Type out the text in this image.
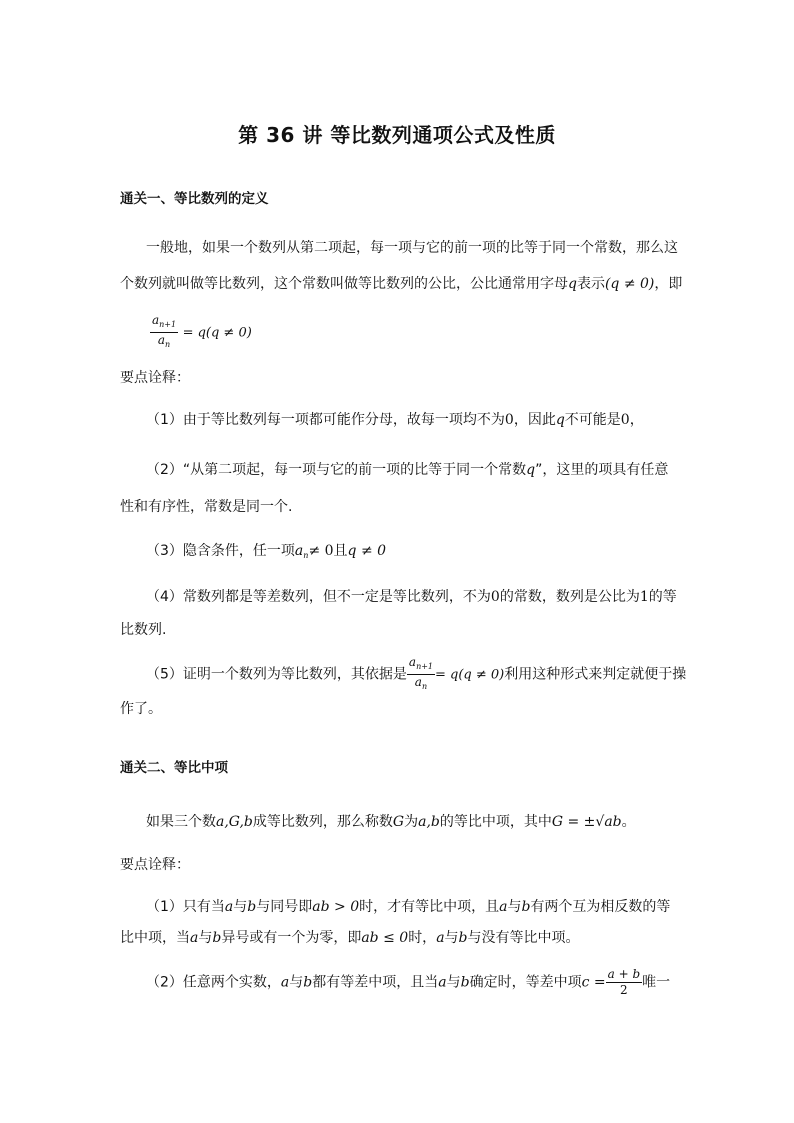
第 36 讲 等比数列通项公式及性质
通关一、等比数列的定义
一般地，如果一个数列从第二项起，每一项与它的前一项的比等于同一个常数，那么这
个数列就叫做等比数列，这个常数叫做等比数列的公比，公比通常用字母q表示(q ≠ 0)，即
$\frac{a_{n+1}}{a_n} = q(q \ne 0)$
要点诠释：
（1）由于等比数列每一项都可能作分母，故每一项均不为0，因此q不可能是0，
（2）“从第二项起，每一项与它的前一项的比等于同一个常数q”，这里的项具有任意
性和有序性，常数是同一个.
（3）隐含条件，任一项$a_n\ne 0$且q ≠ 0
（4）常数列都是等差数列，但不一定是等比数列，不为0的常数，数列是公比为1的等
比数列.
（5）证明一个数列为等比数列，其依据是 $\frac{a_{n+1}}{a_n} = q(q \ne 0)$利用这种形式来判定就便于操
作了。
通关二、等比中项
如果三个数a,G,b成等比数列，那么称数G为a,b的等比中项，其中G = ±√ab。
要点诠释：
（1）只有当a与b与同号即ab > 0时，才有等比中项，且a与b有两个互为相反数的等
比中项，当a与b异号或有一个为零，即ab ≤ 0时，a与b与没有等比中项。
（2）任意两个实数，a与b都有等差中项，且当a与b确定时，等差中项$c = \frac{a + b}{2}$ 唯一
